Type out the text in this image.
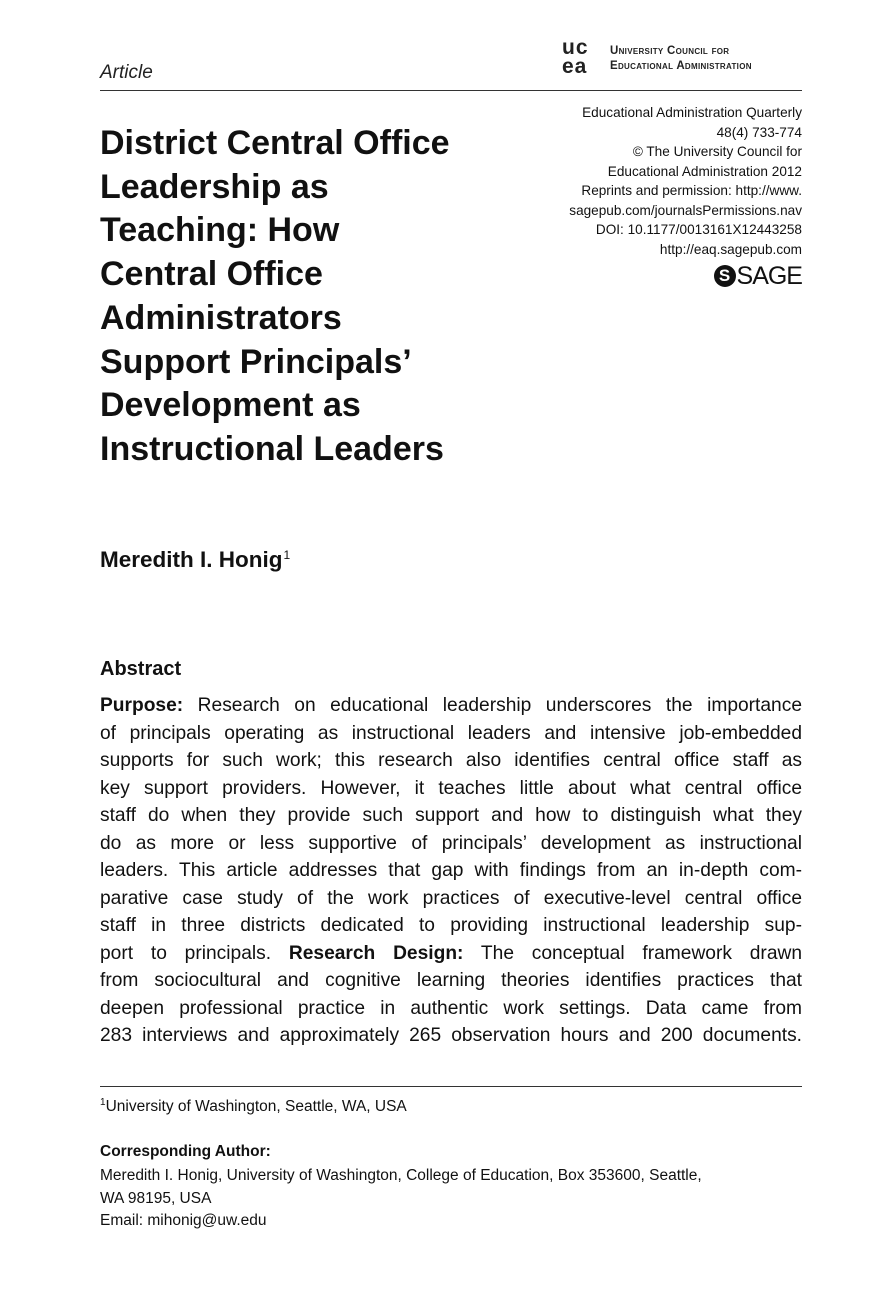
Article
uc
ea
University Council for
Educational Administration
District Central Office
Leadership as
Teaching: How
Central Office
Administrators
Support Principals’
Development as
Instructional Leaders
Educational Administration Quarterly
48(4) 733-774
© The University Council for
Educational Administration 2012
Reprints and permission: http://www.
sagepub.com/journalsPermissions.nav
DOI: 10.1177/0013161X12443258
http://eaq.sagepub.com
S SAGE
Meredith I. Honig$^1$
Abstract
Purpose: Research on educational leadership underscores the importance
of principals operating as instructional leaders and intensive job-embedded
supports for such work; this research also identifies central office staff as
key support providers. However, it teaches little about what central office
staff do when they provide such support and how to distinguish what they
do as more or less supportive of principals’ development as instructional
leaders. This article addresses that gap with findings from an in-depth com-
parative case study of the work practices of executive-level central office
staff in three districts dedicated to providing instructional leadership sup-
port to principals. Research Design: The conceptual framework drawn
from sociocultural and cognitive learning theories identifies practices that
deepen professional practice in authentic work settings. Data came from
283 interviews and approximately 265 observation hours and 200 documents.
$^1$University of Washington, Seattle, WA, USA
Corresponding Author:
Meredith I. Honig, University of Washington, College of Education, Box 353600, Seattle,
WA 98195, USA
Email: mihonig@uw.edu
